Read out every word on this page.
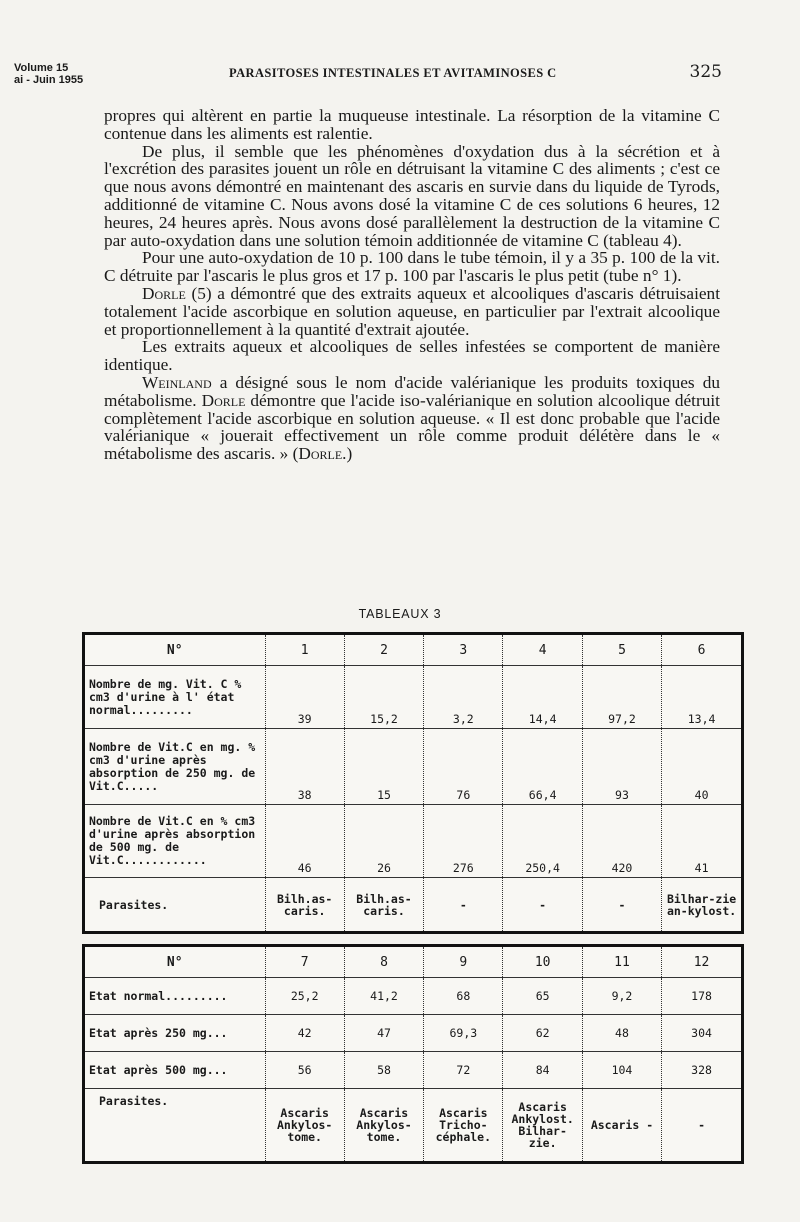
Volume 15
ai - Juin 1955	PARASITOSES INTESTINALES ET AVITAMINOSES C	325

propres qui altèrent en partie la muqueuse intestinale. La résorption de la vitamine C contenue dans les aliments est ralentie.

De plus, il semble que les phénomènes d'oxydation dus à la sécrétion et à l'excrétion des parasites jouent un rôle en détruisant la vitamine C des aliments ; c'est ce que nous avons démontré en maintenant des ascaris en survie dans du liquide de Tyrods, additionné de vitamine C. Nous avons dosé la vitamine C de ces solutions 6 heures, 12 heures, 24 heures après. Nous avons dosé parallèlement la destruction de la vitamine C par auto-oxydation dans une solution témoin additionnée de vitamine C (tableau 4).

Pour une auto-oxydation de 10 p. 100 dans le tube témoin, il y a 35 p. 100 de la vit. C détruite par l'ascaris le plus gros et 17 p. 100 par l'ascaris le plus petit (tube n° 1).

Dorle (5) a démontré que des extraits aqueux et alcooliques d'ascaris détruisaient totalement l'acide ascorbique en solution aqueuse, en particulier par l'extrait alcoolique et proportionnellement à la quantité d'extrait ajoutée.

Les extraits aqueux et alcooliques de selles infestées se comportent de manière identique.

Weinland a désigné sous le nom d'acide valérianique les produits toxiques du métabolisme. Dorle démontre que l'acide iso-valérianique en solution alcoolique détruit complètement l'acide ascorbique en solution aqueuse. « Il est donc probable que l'acide valérianique « jouerait effectivement un rôle comme produit délétère dans le « métabolisme des ascaris. » (Dorle.)

TABLEAUX 3
N°	1	2	3	4	5	6
Nombre de mg. Vit. C % cm3 d'urine à l' état normal.........	39	15,2	3,2	14,4	97,2	13,4
Nombre de Vit.C en mg. % cm3 d'urine après absorption de 250 mg. de Vit.C.....	38	15	76	66,4	93	40
Nombre de Vit.C en % cm3 d'urine après absorption de 500 mg. de Vit.C............	46	26	276	250,4	420	41
Parasites.	Bilh.as-caris.	Bilh.as-caris.	-	-	-	Bilhar-zie an-kylost.
N°	7	8	9	10	11	12
Etat normal.........	25,2	41,2	68	65	9,2	178
Etat après 250 mg...	42	47	69,3	62	48	304
Etat après 500 mg...	56	58	72	84	104	328
Parasites.	Ascaris Ankylos-tome.	Ascaris Ankylos-tome.	Ascaris Tricho-céphale.	Ascaris Ankylost. Bilhar-zie.	Ascaris -	-
